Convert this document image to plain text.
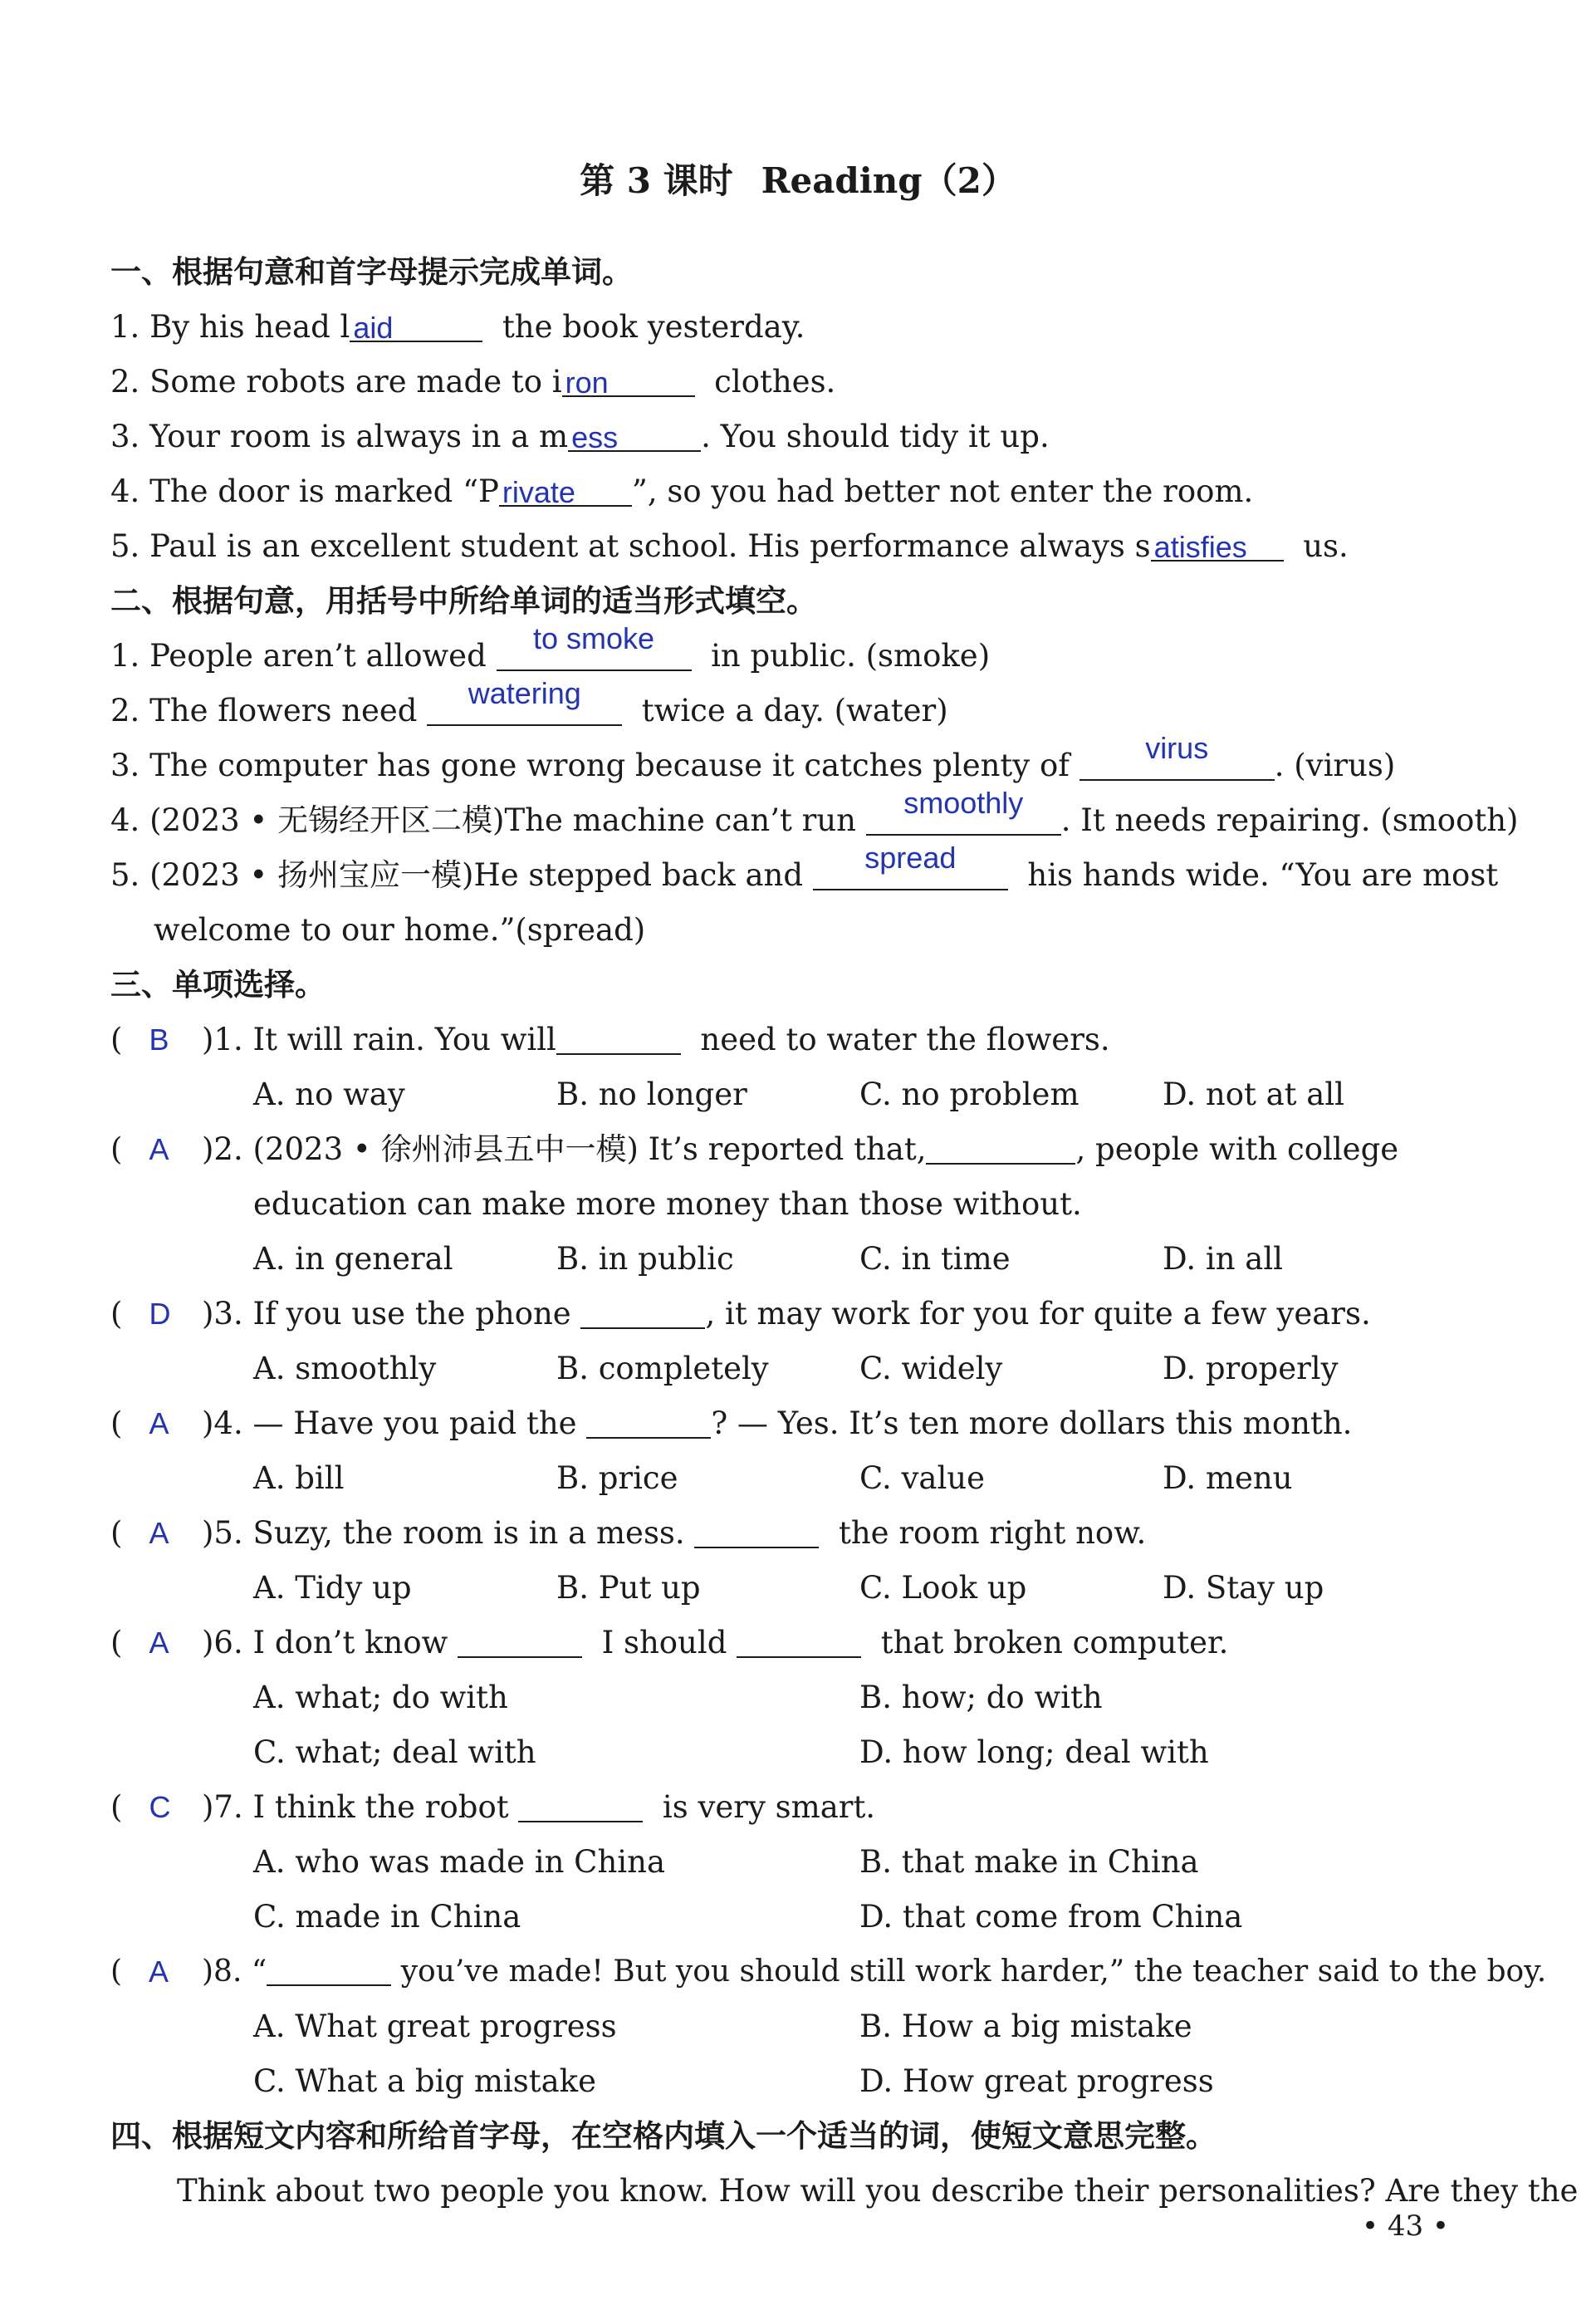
第 3 课时 Reading（2）
一、根据句意和首字母提示完成单词。
1. By his head l aid	the book yesterday.
2. Some robots are made to i ron	clothes.
3. Your room is always in a m ess	. You should tidy it up.
4. The door is marked “P rivate ”, so you had better not enter the room.
5. Paul is an excellent student at school. His performance always s atisfies us.
二、根据句意，用括号中所给单词的适当形式填空。
1. People aren’t allowed	to smoke	in public. (smoke)
2. The flowers need	watering	twice a day. (water)
3. The computer has gone wrong because it catches plenty of	virus	. (virus)
4. (2023 • 无锡经开区二模)The machine can’t run	smoothly	. It needs repairing. (smooth)
5. (2023 • 扬州宝应一模)He stepped back and	spread	his hands wide. “You are most
welcome to our home.”(spread)
三、单项选择。
( B )1. It will rain. You will	need to water the flowers.
A. no way	B. no longer	C. no problem	D. not at all
( A )2. (2023 • 徐州沛县五中一模) It’s reported that,	, people with college
education can make more money than those without.
A. in general	B. in public	C. in time	D. in all
( D )3. If you use the phone	, it may work for you for quite a few years.
A. smoothly	B. completely	C. widely	D. properly
( A )4. — Have you paid the	? — Yes. It’s ten more dollars this month.
A. bill	B. price	C. value	D. menu
( A )5. Suzy, the room is in a mess.	the room right now.
A. Tidy up	B. Put up	C. Look up	D. Stay up
( A )6. I don’t know	I should	that broken computer.
A. what; do with	B. how; do with
C. what; deal with	D. how long; deal with
( C )7. I think the robot	is very smart.
A. who was made in China	B. that make in China
C. made in China	D. that come from China
( A )8. “	you’ve made! But you should still work harder,” the teacher said to the boy.
A. What great progress	B. How a big mistake
C. What a big mistake	D. How great progress
四、根据短文内容和所给首字母，在空格内填入一个适当的词，使短文意思完整。
Think about two people you know. How will you describe their personalities? Are they the
• 43 •
